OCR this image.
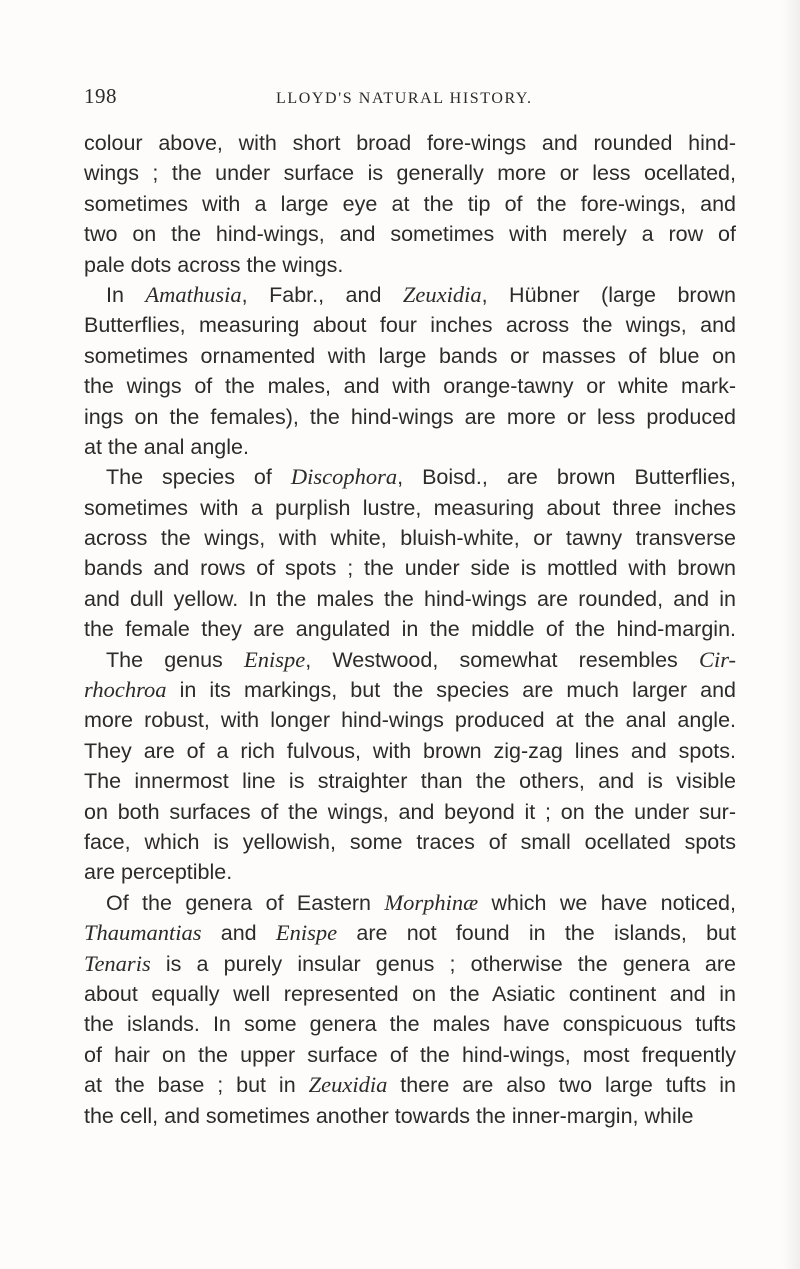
198	LLOYD'S NATURAL HISTORY.
colour above, with short broad fore-wings and rounded hind-
wings ; the under surface is generally more or less ocellated,
sometimes with a large eye at the tip of the fore-wings, and
two on the hind-wings, and sometimes with merely a row of
pale dots across the wings.
In Amathusia, Fabr., and Zeuxidia, Hübner (large brown
Butterflies, measuring about four inches across the wings, and
sometimes ornamented with large bands or masses of blue on
the wings of the males, and with orange-tawny or white mark-
ings on the females), the hind-wings are more or less produced
at the anal angle.
The species of Discophora, Boisd., are brown Butterflies,
sometimes with a purplish lustre, measuring about three inches
across the wings, with white, bluish-white, or tawny transverse
bands and rows of spots ; the under side is mottled with brown
and dull yellow. In the males the hind-wings are rounded, and in
the female they are angulated in the middle of the hind-margin.
The genus Enispe, Westwood, somewhat resembles Cir-
rhochroa in its markings, but the species are much larger and
more robust, with longer hind-wings produced at the anal angle.
They are of a rich fulvous, with brown zig-zag lines and spots.
The innermost line is straighter than the others, and is visible
on both surfaces of the wings, and beyond it ; on the under sur-
face, which is yellowish, some traces of small ocellated spots
are perceptible.
Of the genera of Eastern Morphinæ which we have noticed,
Thaumantias and Enispe are not found in the islands, but
Tenaris is a purely insular genus ; otherwise the genera are
about equally well represented on the Asiatic continent and in
the islands. In some genera the males have conspicuous tufts
of hair on the upper surface of the hind-wings, most frequently
at the base ; but in Zeuxidia there are also two large tufts in
the cell, and sometimes another towards the inner-margin, while
